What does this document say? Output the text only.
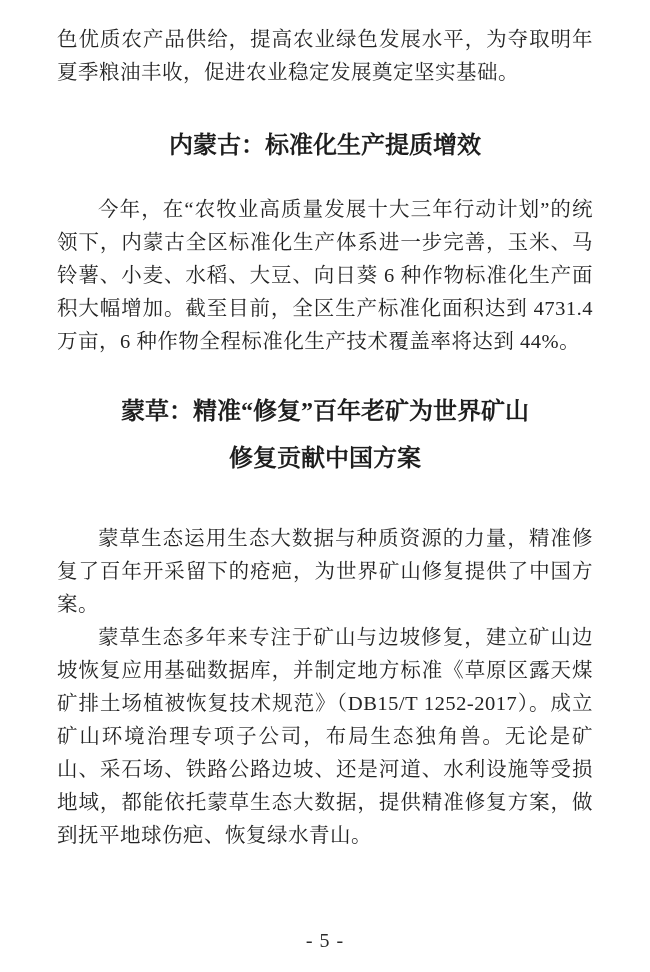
色优质农产品供给，提高农业绿色发展水平，为夺取明年夏季粮油丰收，促进农业稳定发展奠定坚实基础。

内蒙古：标准化生产提质增效

今年，在“农牧业高质量发展十大三年行动计划”的统领下，内蒙古全区标准化生产体系进一步完善，玉米、马铃薯、小麦、水稻、大豆、向日葵 6 种作物标准化生产面积大幅增加。截至目前，全区生产标准化面积达到 4731.4 万亩，6 种作物全程标准化生产技术覆盖率将达到 44%。

蒙草：精准“修复”百年老矿为世界矿山
修复贡献中国方案

蒙草生态运用生态大数据与种质资源的力量，精准修复了百年开采留下的疮疤，为世界矿山修复提供了中国方案。

蒙草生态多年来专注于矿山与边坡修复，建立矿山边坡恢复应用基础数据库，并制定地方标准《草原区露天煤矿排土场植被恢复技术规范》（DB15/T 1252-2017）。成立矿山环境治理专项子公司，布局生态独角兽。无论是矿山、采石场、铁路公路边坡、还是河道、水利设施等受损地域，都能依托蒙草生态大数据，提供精准修复方案，做到抚平地球伤疤、恢复绿水青山。

- 5 -
